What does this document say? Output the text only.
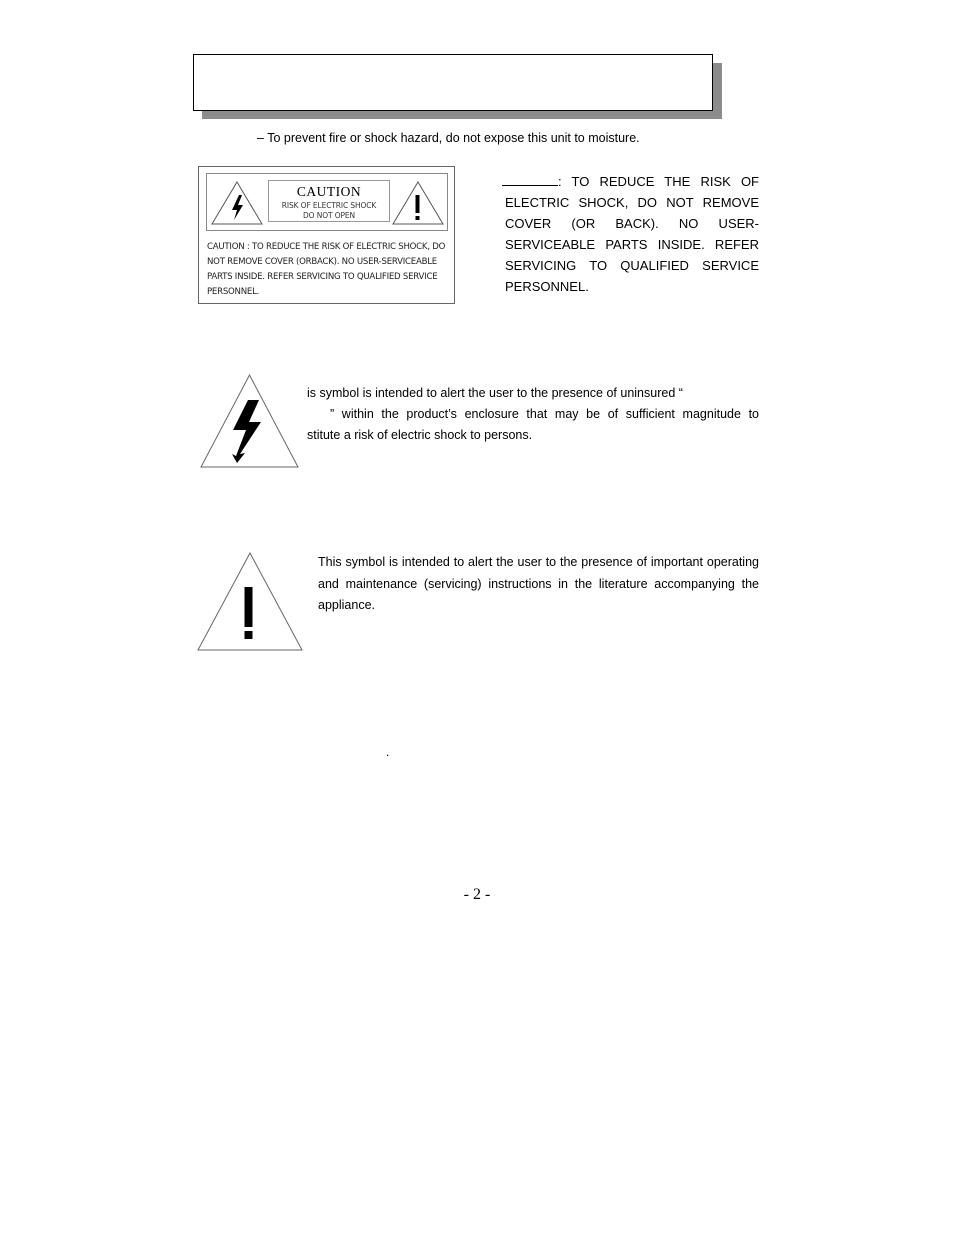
– To prevent fire or shock hazard, do not expose this unit to moisture.
CAUTION
RISK OF ELECTRIC SHOCK
DO NOT OPEN
CAUTION : TO REDUCE THE RISK OF ELECTRIC SHOCK, DO
NOT REMOVE COVER (ORBACK). NO USER-SERVICEABLE
PARTS INSIDE. REFER SERVICING TO QUALIFIED SERVICE
PERSONNEL.
: TO REDUCE THE RISK OF
ELECTRIC SHOCK, DO NOT REMOVE
COVER (OR BACK). NO USER-
SERVICEABLE PARTS INSIDE. REFER
SERVICING TO QUALIFIED SERVICE
PERSONNEL.
is symbol is intended to alert the user to the presence of uninsured “
” within the product’s enclosure that may be of sufficient magnitude to
stitute a risk of electric shock to persons.
This symbol is intended to alert the user to the presence of important operating
and maintenance (servicing) instructions in the literature accompanying the
appliance.
.
- 2 -
